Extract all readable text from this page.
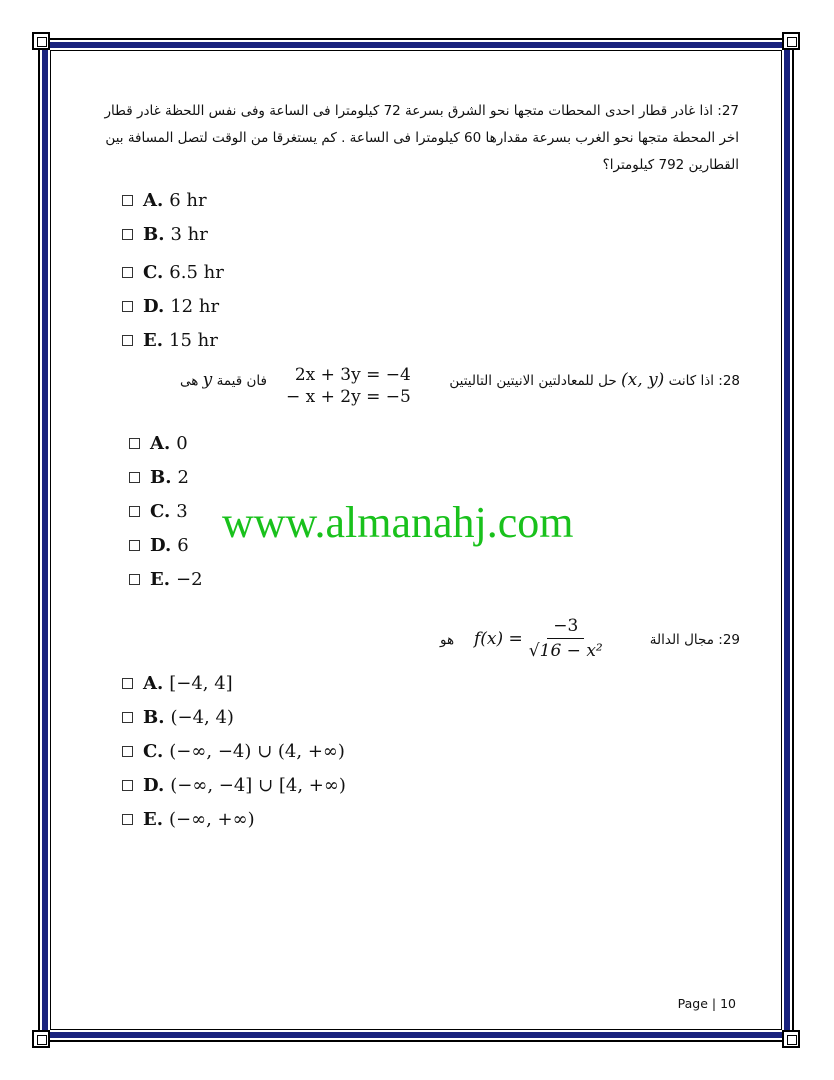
27: اذا غادر قطار احدى المحطات متجها نحو الشرق بسرعة 72 كيلومترا فى الساعة وفى نفس اللحظة غادر قطار اخر المحطة متجها نحو الغرب بسرعة مقدارها 60 كيلومترا فى الساعة . كم يستغرقا من الوقت لتصل المسافة بين القطارين 792 كيلومترا؟
A. 6 hr
B. 3 hr
C. 6.5 hr
D. 12 hr
E. 15 hr
28: اذا كانت (x, y) حل للمعادلتين الانيتين التاليتين
2x + 3y = −4
− x + 2y = −5
فان قيمة y هى
A. 0
B. 2
C. 3
D. 6
E. −2
www.almanahj.com
29: مجال الدالة
$f(x) = \frac{-3}{\text{√16 − x²}}$
هو
A. [−4, 4]
B. (−4, 4)
C. (−∞, −4) ∪ (4, +∞)
D. (−∞, −4] ∪ [4, +∞)
E. (−∞, +∞)
Page | 10
